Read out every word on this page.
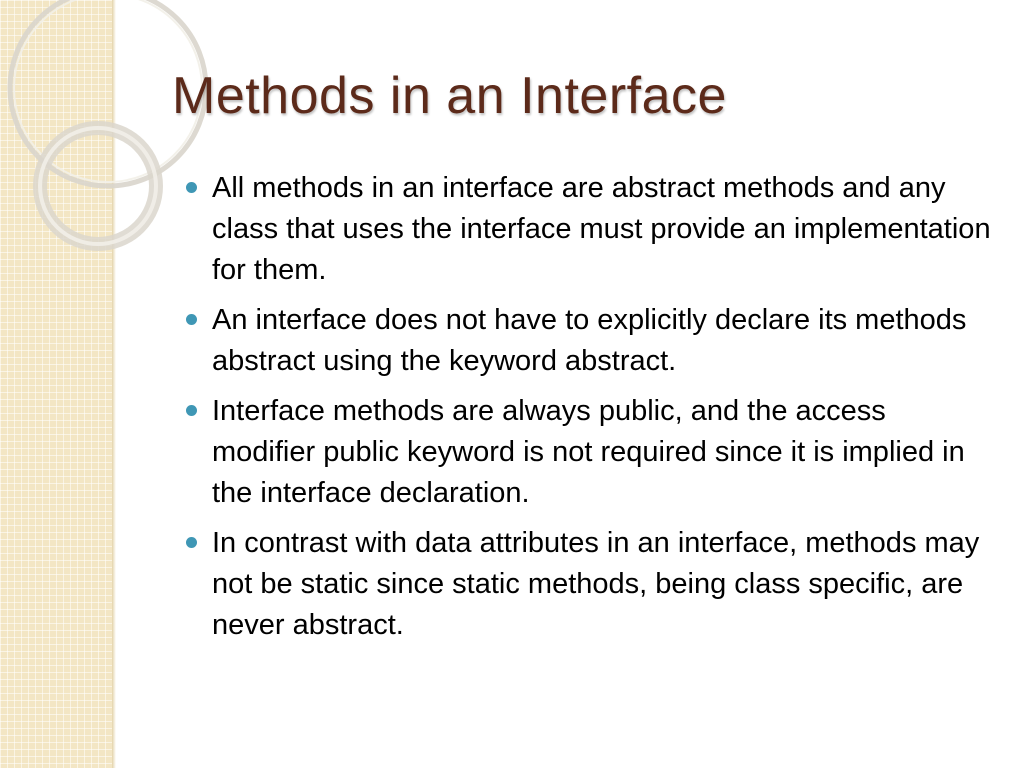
Methods in an Interface
All methods in an interface are abstract methods and any class that uses the interface must provide an implementation for them.
An interface does not have to explicitly declare its methods abstract using the keyword abstract.
Interface methods are always public, and the access modifier public keyword is not required since it is implied in the interface declaration.
In contrast with data attributes in an interface, methods may not be static since static methods, being class specific, are never abstract.
